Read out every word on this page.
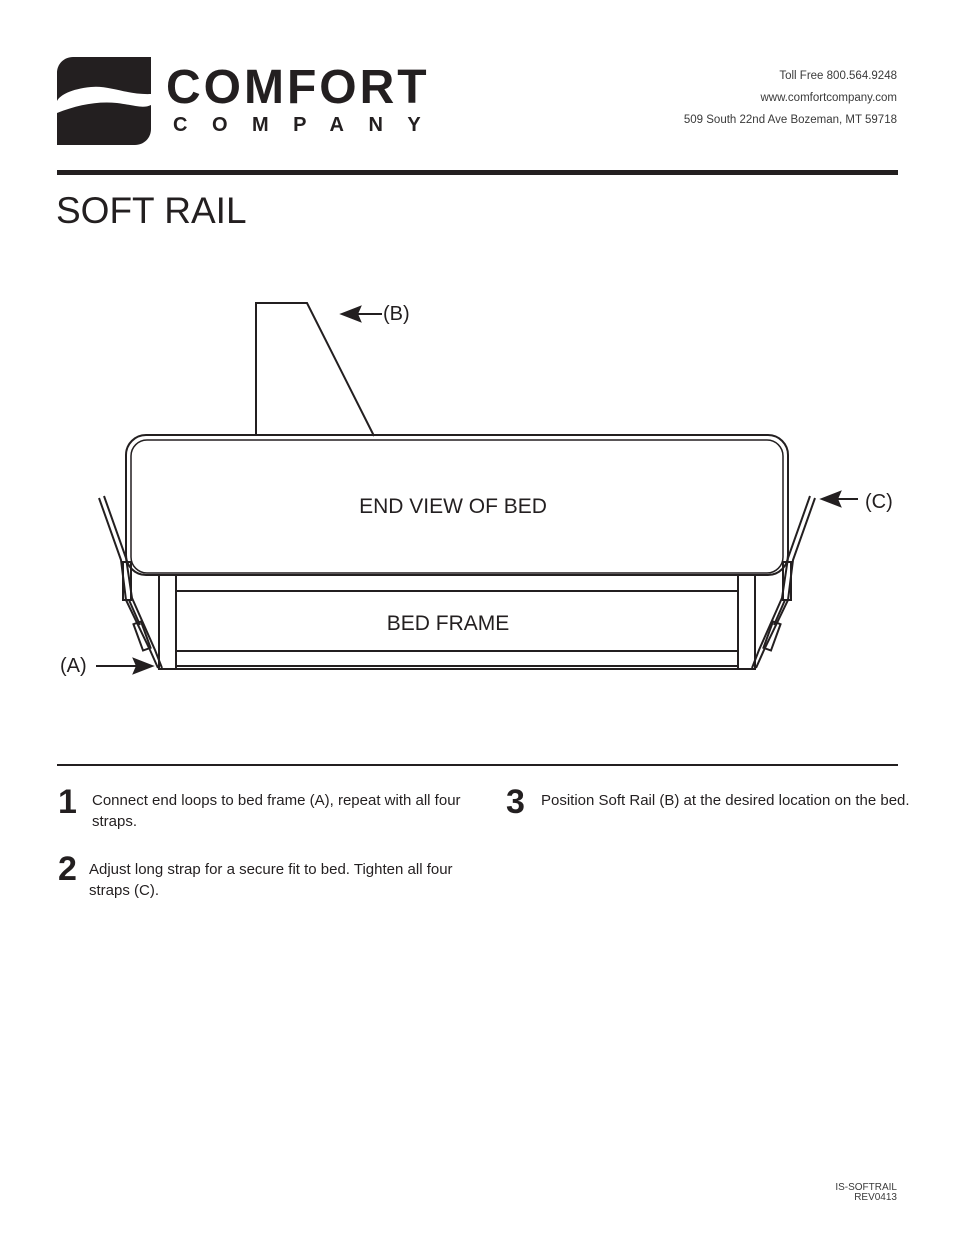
COMFORT
COMPANY
Toll Free 800.564.9248
www.comfortcompany.com
509 South 22nd Ave Bozeman, MT 59718
SOFT RAIL
(B)
(C)
(A)
END VIEW OF BED
BED FRAME
1 Connect end loops to bed frame (A), repeat with all four straps.
2 Adjust long strap for a secure fit to bed. Tighten all four straps (C).
3 Position Soft Rail (B) at the desired location on the bed.
IS-SOFTRAIL
REV0413
